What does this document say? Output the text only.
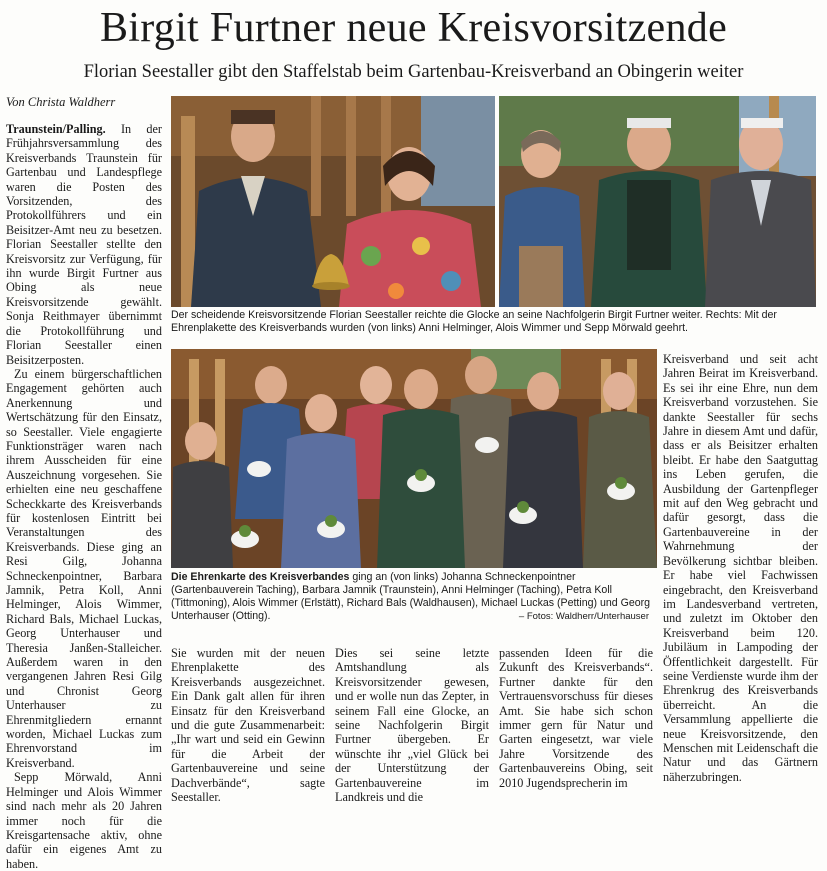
Birgit Furtner neue Kreisvorsitzende
Florian Seestaller gibt den Staffelstab beim Gartenbau-Kreisverband an Obingerin weiter
Von Christa Waldherr

Traunstein/Palling. In der Frühjahrsversammlung des Kreisverbands Traunstein für Gartenbau und Landespflege waren die Posten des Vorsitzenden, des Protokollführers und ein Beisitzer-Amt neu zu besetzen. Florian Seestaller stellte den Kreisvorsitz zur Verfügung, für ihn wurde Birgit Furtner aus Obing als neue Kreisvorsitzende gewählt. Sonja Reithmayer übernimmt die Protokollführung und Florian Seestaller einen Beisitzerposten.

Zu einem bürgerschaftlichen Engagement gehörten auch Anerkennung und Wertschätzung für den Einsatz, so Seestaller. Viele engagierte Funktionsträger waren nach ihrem Ausscheiden für eine Auszeichnung vorgesehen. Sie erhielten eine neu geschaffene Scheckkarte des Kreisverbands für kostenlosen Eintritt bei Veranstaltungen des Kreisverbands. Diese ging an Resi Gilg, Johanna Schneckenpointner, Barbara Jamnik, Petra Koll, Anni Helminger, Alois Wimmer, Richard Bals, Michael Luckas, Georg Unterhauser und Theresia Janßen-Stalleicher. Außerdem waren in den vergangenen Jahren Resi Gilg und Chronist Georg Unterhauser zu Ehrenmitgliedern ernannt worden, Michael Luckas zum Ehrenvorstand im Kreisverband.

Sepp Mörwald, Anni Helminger und Alois Wimmer sind nach mehr als 20 Jahren immer noch für die Kreisgartensache aktiv, ohne dafür ein eigenes Amt zu haben.

Der scheidende Kreisvorsitzende Florian Seestaller reichte die Glocke an seine Nachfolgerin Birgit Furtner weiter. Rechts: Mit der Ehrenplakette des Kreisverbands wurden (von links) Anni Helminger, Alois Wimmer und Sepp Mörwald geehrt.
Die Ehrenkarte des Kreisverbandes ging an (von links) Johanna Schneckenpointner (Gartenbauverein Taching), Barbara Jamnik (Traunstein), Anni Helminger (Taching), Petra Koll (Tittmoning), Alois Wimmer (Erlstätt), Richard Bals (Waldhausen), Michael Luckas (Petting) und Georg Unterhauser (Otting).	– Fotos: Waldherr/Unterhauser

Sie wurden mit der neuen Ehrenplakette des Kreisverbands ausgezeichnet. Ein Dank galt allen für ihren Einsatz für den Kreisverband und die gute Zusammenarbeit: „Ihr wart und seid ein Gewinn für die Arbeit der Gartenbauvereine und seine Dachverbände“, sagte Seestaller.

Dies sei seine letzte Amtshandlung als Kreisvorsitzender gewesen, und er wolle nun das Zepter, in seinem Fall eine Glocke, an seine Nachfolgerin Birgit Furtner übergeben. Er wünschte ihr „viel Glück bei der Unterstützung der Gartenbauvereine im Landkreis und die

passenden Ideen für die Zukunft des Kreisverbands“. Furtner dankte für den Vertrauensvorschuss für dieses Amt. Sie habe sich schon immer gern für Natur und Garten eingesetzt, war viele Jahre Vorsitzende des Gartenbauvereins Obing, seit 2010 Jugendsprecherin im

Kreisverband und seit acht Jahren Beirat im Kreisverband. Es sei ihr eine Ehre, nun dem Kreisverband vorzustehen. Sie dankte Seestaller für sechs Jahre in diesem Amt und dafür, dass er als Beisitzer erhalten bleibt. Er habe den Saatguttag ins Leben gerufen, die Ausbildung der Gartenpfleger mit auf den Weg gebracht und dafür gesorgt, dass die Gartenbauvereine in der Wahrnehmung der Bevölkerung sichtbar bleiben. Er habe viel Fachwissen eingebracht, den Kreisverband im Landesverband vertreten, und zuletzt im Oktober den Kreisverband beim 120. Jubiläum in Lampoding der Öffentlichkeit dargestellt. Für seine Verdienste wurde ihm der Ehrenkrug des Kreisverbands überreicht. An die Versammlung appellierte die neue Kreisvorsitzende, den Menschen mit Leidenschaft die Natur und das Gärtnern näherzubringen.
